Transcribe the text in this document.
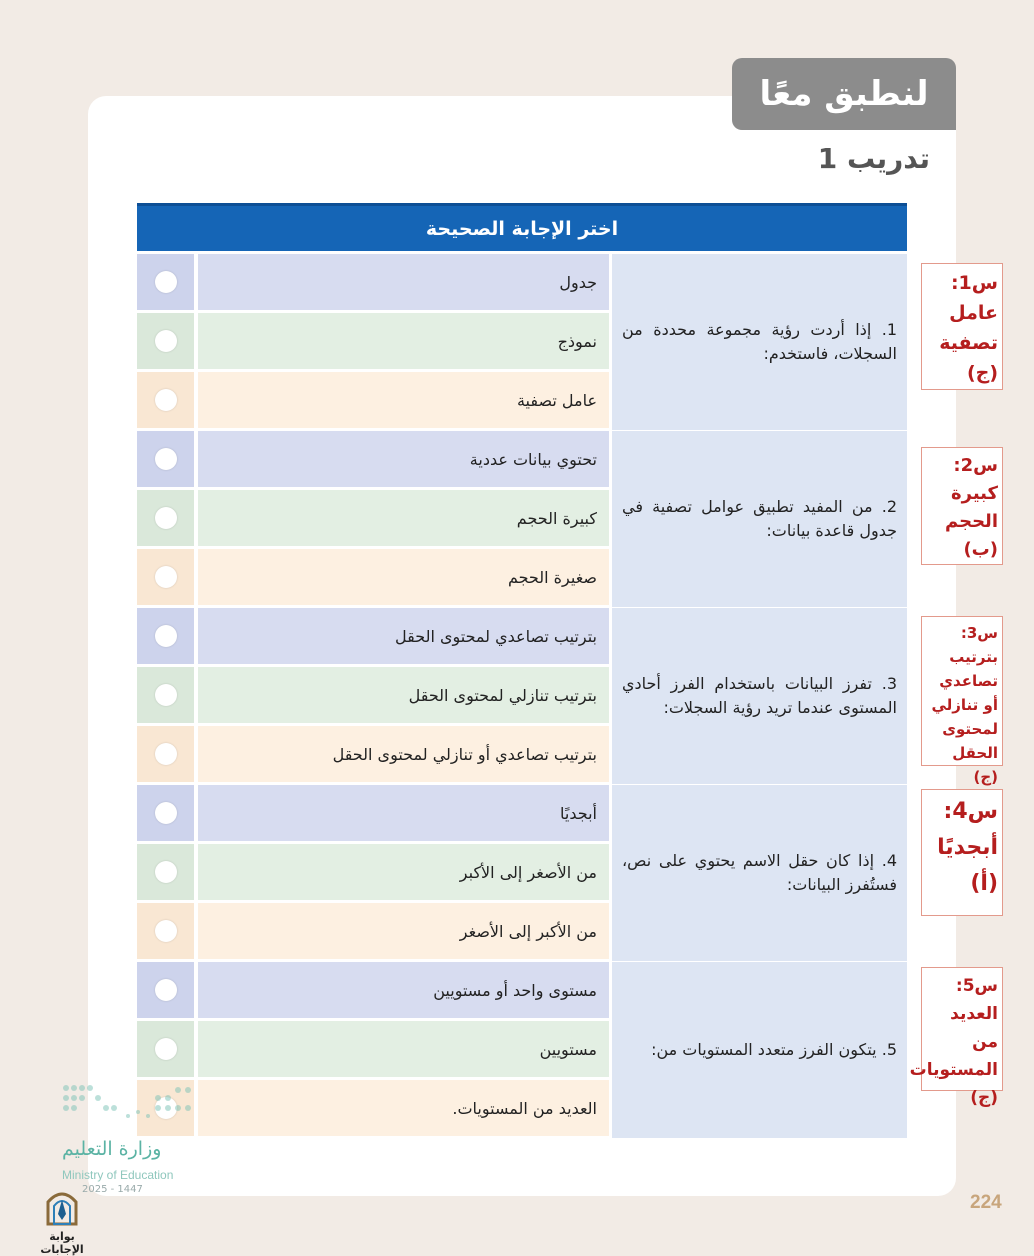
لنطبق معًا
تدريب 1
اختر الإجابة الصحيحة
1. إذا أردت رؤية مجموعة محددة من السجلات، فاستخدم:
جدول
نموذج
عامل تصفية
2. من المفيد تطبيق عوامل تصفية في جدول قاعدة بيانات:
تحتوي بيانات عددية
كبيرة الحجم
صغيرة الحجم
3. تفرز البيانات باستخدام الفرز أحادي المستوى عندما تريد رؤية السجلات:
بترتيب تصاعدي لمحتوى الحقل
بترتيب تنازلي لمحتوى الحقل
بترتيب تصاعدي أو تنازلي لمحتوى الحقل
4. إذا كان حقل الاسم يحتوي على نص، فستُفرز البيانات:
أبجديًا
من الأصغر إلى الأكبر
من الأكبر إلى الأصغر
5. يتكون الفرز متعدد المستويات من:
مستوى واحد أو مستويين
مستويين
العديد من المستويات.
س1:
عامل تصفية
(ج)
س2: كبيرة الحجم
(ب)
س3: بترتيب تصاعدي أو تنازلي لمحتوى الحقل
(ج)
س4:
أبجديًا
(أ)
س5:
العديد من المستويات
(ج)
وزارة التعليم
Ministry of Education
2025 - 1447
بوابة الإجابات
224
